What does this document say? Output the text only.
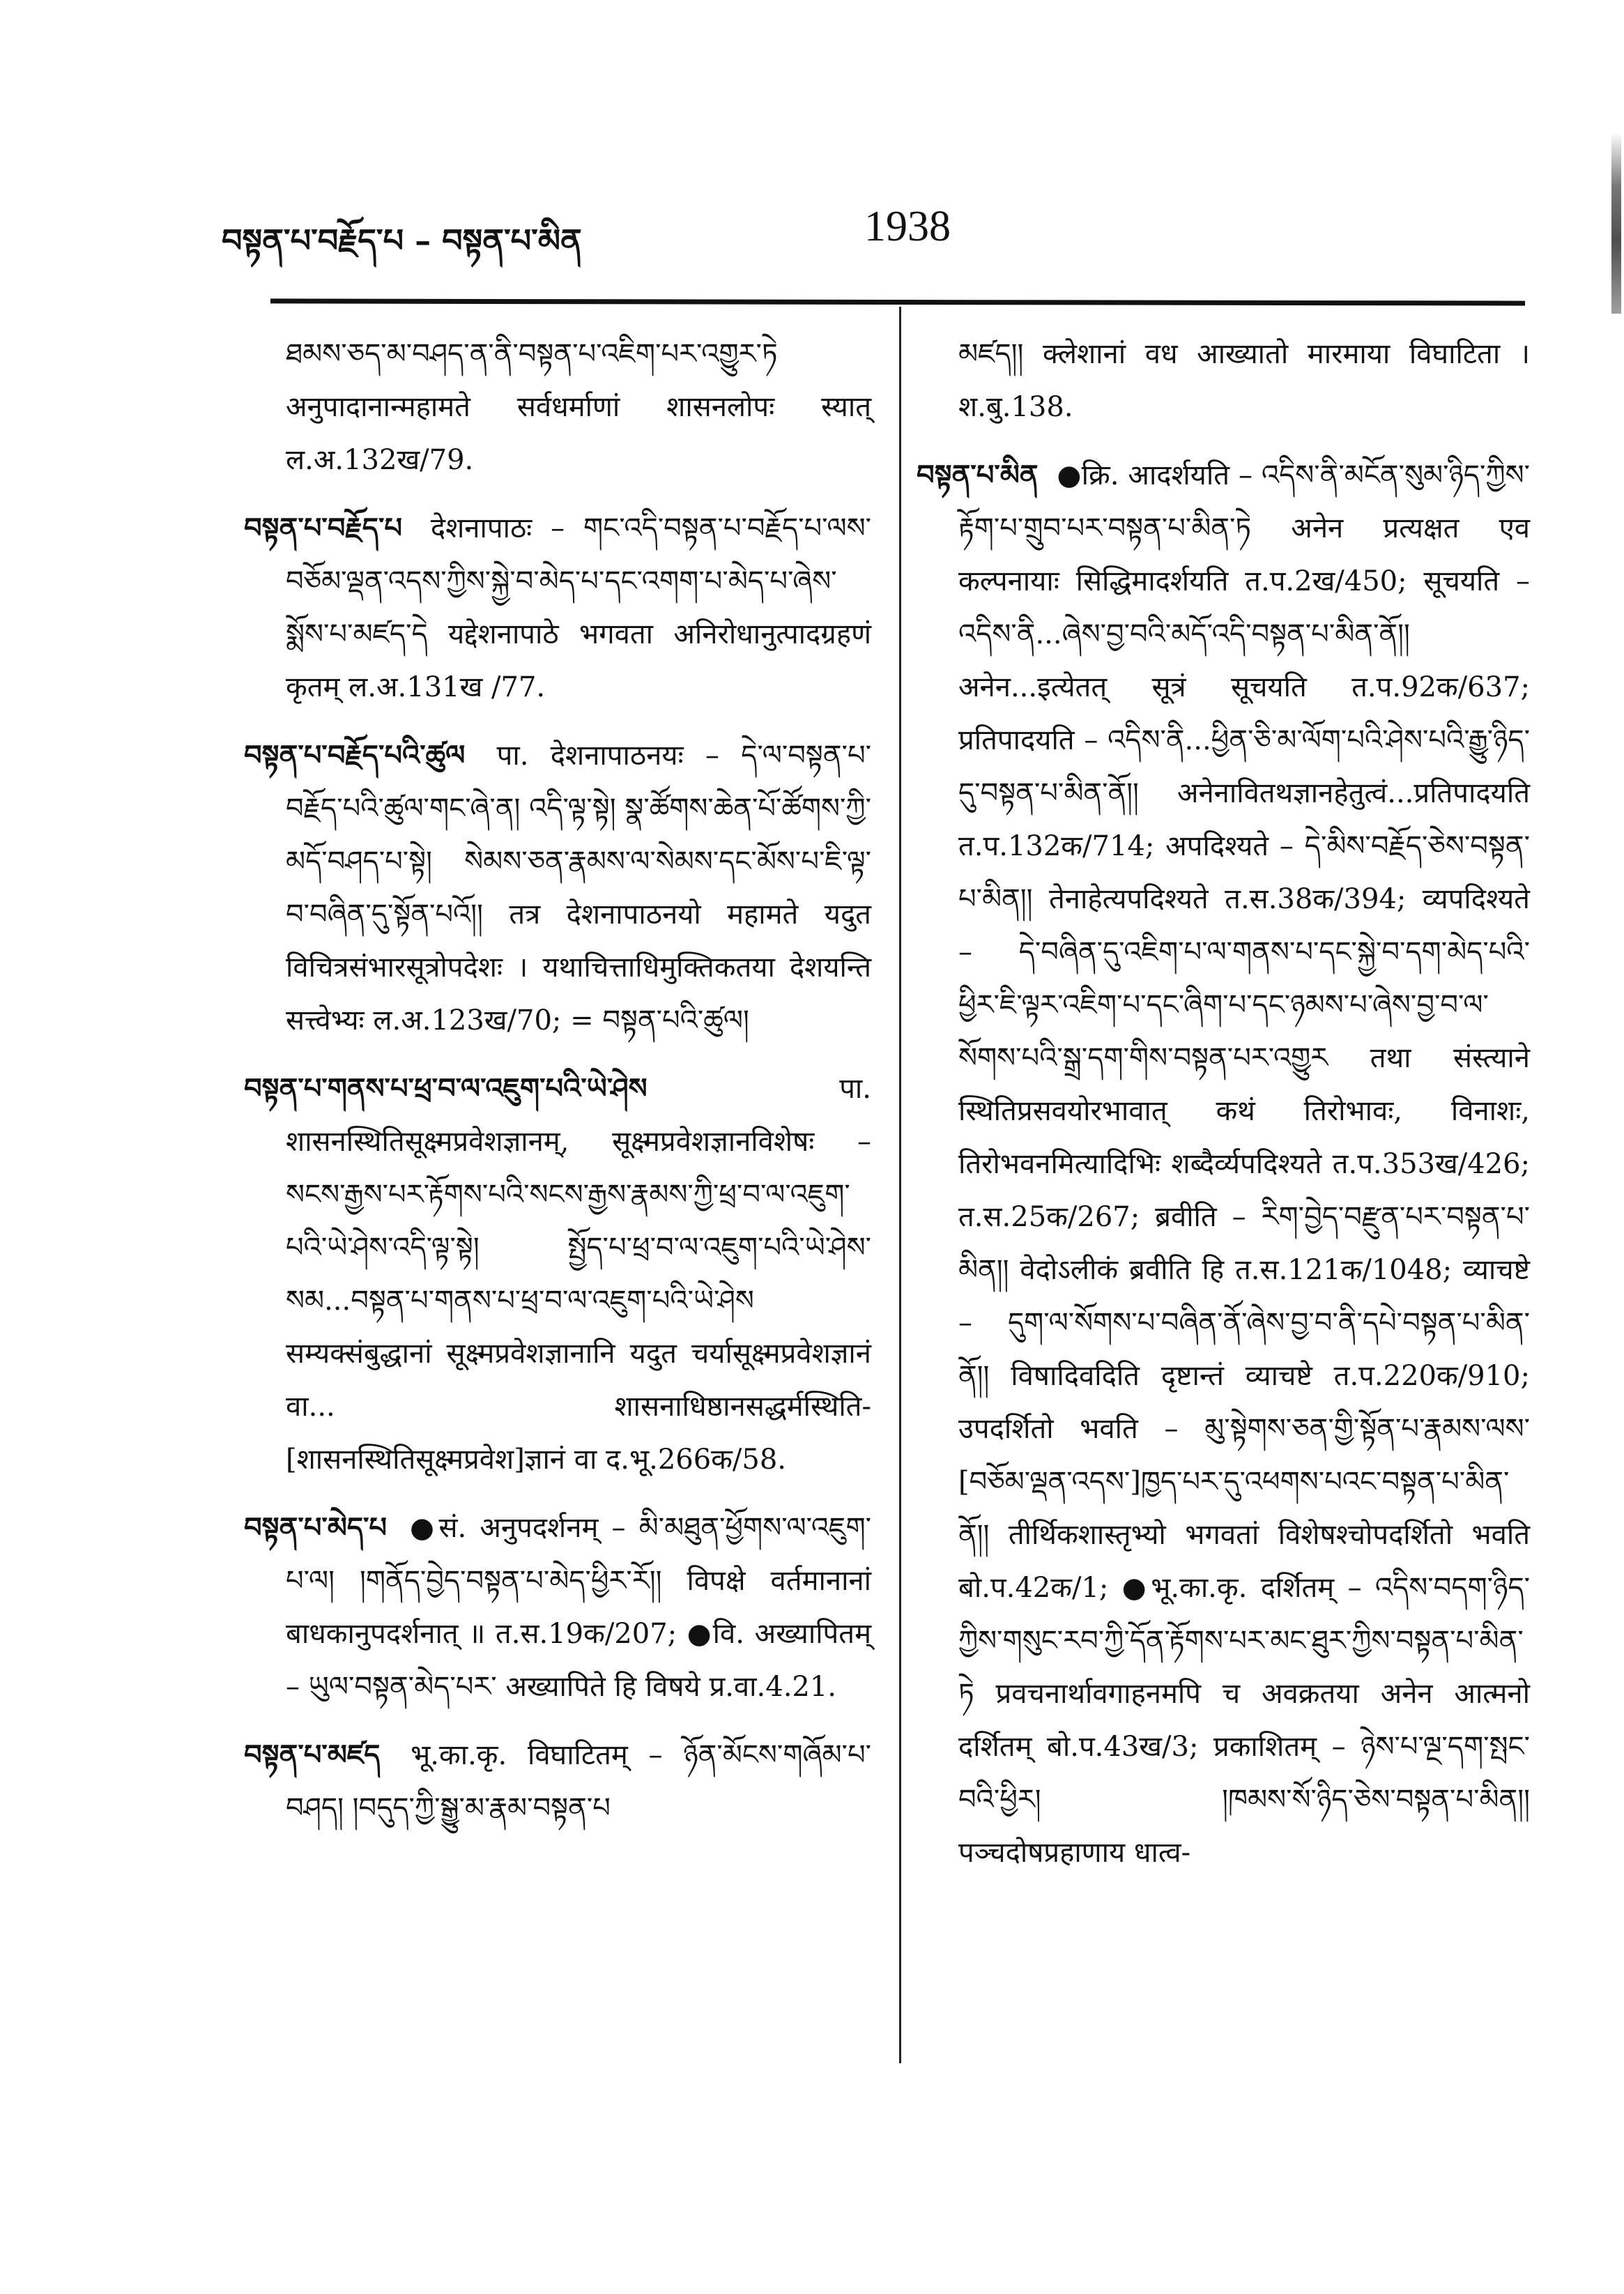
བསྟན་པ་བརྗོད་པ – བསྟན་པ་མིན	1938

ཐམས་ཅད་མ་བཤད་ན་ནི་བསྟན་པ་འཇིག་པར་འགྱུར་ཏེ अनुपादानान्महामते सर्वधर्माणां शासनलोपः स्यात् ल.अ.132ख/79.

བསྟན་པ་བརྗོད་པ देशनापाठः – གང་འདི་བསྟན་པ་བརྗོད་པ་ལས་བཅོམ་ལྡན་འདས་ཀྱིས་སྐྱེ་བ་མེད་པ་དང་འགག་པ་མེད་པ་ཞེས་སྨོས་པ་མཛད་དེ यद्देशनापाठे भगवता अनिरोधानुत्पादग्रहणं कृतम् ल.अ.131ख /77.

བསྟན་པ་བརྗོད་པའི་ཚུལ पा. देशनापाठनयः – དེ་ལ་བསྟན་པ་བརྗོད་པའི་ཚུལ་གང་ཞེ་ན། འདི་ལྟ་སྟེ། སྣ་ཚོགས་ཆེན་པོ་ཚོགས་ཀྱི་མདོ་བཤད་པ་སྟེ། སེམས་ཅན་རྣམས་ལ་སེམས་དང་མོས་པ་ཇི་ལྟ་བ་བཞིན་དུ་སྟོན་པའོ།། तत्र देशनापाठनयो महामते यदुत विचित्रसंभारसूत्रोपदेशः । यथाचित्ताधिमुक्तिकतया देशयन्ति सत्त्वेभ्यः ल.अ.123ख/70; = བསྟན་པའི་ཚུལ།

བསྟན་པ་གནས་པ་ཕྲ་བ་ལ་འཇུག་པའི་ཡེ་ཤེས	पा. शासनस्थितिसूक्ष्मप्रवेशज्ञानम्, सूक्ष्मप्रवेशज्ञानविशेषः – སངས་རྒྱས་པར་རྟོགས་པའི་སངས་རྒྱས་རྣམས་ཀྱི་ཕྲ་བ་ལ་འཇུག་པའི་ཡེ་ཤེས་འདི་ལྟ་སྟེ། སྤྱོད་པ་ཕྲ་བ་ལ་འཇུག་པའི་ཡེ་ཤེས་སམ...བསྟན་པ་གནས་པ་ཕྲ་བ་ལ་འཇུག་པའི་ཡེ་ཤེས सम्यक्संबुद्धानां सूक्ष्मप्रवेशज्ञानानि यदुत चर्यासूक्ष्मप्रवेशज्ञानं वा... शासनाधिष्ठानसद्धर्मस्थिति-[शासनस्थितिसूक्ष्मप्रवेश]ज्ञानं वा द.भू.266क/58.

བསྟན་པ་མེད་པ ●सं. अनुपदर्शनम् – མི་མཐུན་ཕྱོགས་ལ་འཇུག་པ་ལ། །གནོད་བྱེད་བསྟན་པ་མེད་ཕྱིར་རོ།། विपक्षे वर्तमानानां बाधकानुपदर्शनात् ॥ त.स.19क/207; ●वि. अख्यापितम् – ཡུལ་བསྟན་མེད་པར་ अख्यापिते हि विषये प्र.वा.4.21.

བསྟན་པ་མཛད भू.का.कृ. विघाटितम् – ཉོན་མོངས་གཞོམ་པ་བཤད། །བདུད་ཀྱི་སྒྱུ་མ་རྣམ་བསྟན་པ

མཛད།། क्लेशानां वध आख्यातो मारमाया विघाटिता । श.बु.138.

བསྟན་པ་མིན ●क्रि. आदर्शयति – འདིས་ནི་མངོན་སུམ་ཉིད་ཀྱིས་རྟོག་པ་གྲུབ་པར་བསྟན་པ་མིན་ཏེ अनेन प्रत्यक्षत एव कल्पनायाः सिद्धिमादर्शयति त.प.2ख/450; सूचयति – འདིས་ནི...ཞེས་བྱ་བའི་མདོ་འདི་བསྟན་པ་མིན་ནོ།། अनेन...इत्येतत् सूत्रं सूचयति त.प.92क/637; प्रतिपादयति – འདིས་ནི...ཕྱིན་ཅི་མ་ལོག་པའི་ཤེས་པའི་རྒྱུ་ཉིད་དུ་བསྟན་པ་མིན་ནོ།། अनेनावितथज्ञानहेतुत्वं...प्रतिपादयति त.प.132क/714; अपदिश्यते – དེ་མིས་བརྗོད་ཅེས་བསྟན་པ་མིན།། तेनाहेत्यपदिश्यते त.स.38क/394; व्यपदिश्यते – དེ་བཞིན་དུ་འཇིག་པ་ལ་གནས་པ་དང་སྐྱེ་བ་དག་མེད་པའི་ཕྱིར་ཇི་ལྟར་འཇིག་པ་དང་ཞིག་པ་དང་ཉམས་པ་ཞེས་བྱ་བ་ལ་སོགས་པའི་སྒྲ་དག་གིས་བསྟན་པར་འགྱུར तथा संस्त्याने स्थितिप्रसवयोरभावात् कथं तिरोभावः, विनाशः, तिरोभवनमित्यादिभिः शब्दैर्व्यपदिश्यते त.प.353ख/426; त.स.25क/267; ब्रवीति – རིག་བྱེད་བརྫུན་པར་བསྟན་པ་མིན།། वेदोऽलीकं ब्रवीति हि त.स.121क/1048; व्याचष्टे – དུག་ལ་སོགས་པ་བཞིན་ནོ་ཞེས་བྱ་བ་ནི་དཔེ་བསྟན་པ་མིན་ནོ།། विषादिवदिति दृष्टान्तं व्याचष्टे त.प.220क/910; उपदर्शितो भवति – མུ་སྟེགས་ཅན་གྱི་སྟོན་པ་རྣམས་ལས་[བཅོམ་ལྡན་འདས་]ཁྱད་པར་དུ་འཕགས་པའང་བསྟན་པ་མིན་ནོ།། तीर्थिकशास्तृभ्यो भगवतां विशेषश्चोपदर्शितो भवति बो.प.42क/1; ●भू.का.कृ. दर्शितम् – འདིས་བདག་ཉིད་ཀྱིས་གསུང་རབ་ཀྱི་དོན་རྟོགས་པར་མང་ཐུར་ཀྱིས་བསྟན་པ་མིན་ཏེ प्रवचनार्थावगाहनमपि च अवक्रतया अनेन आत्मनो दर्शितम् बो.प.43ख/3; प्रकाशितम् – ཉེས་པ་ལྔ་དག་སྤང་བའི་ཕྱིར། །ཁམས་སོ་ཉིད་ཅེས་བསྟན་པ་མིན།། पञ्चदोषप्रहाणाय धात्व-
